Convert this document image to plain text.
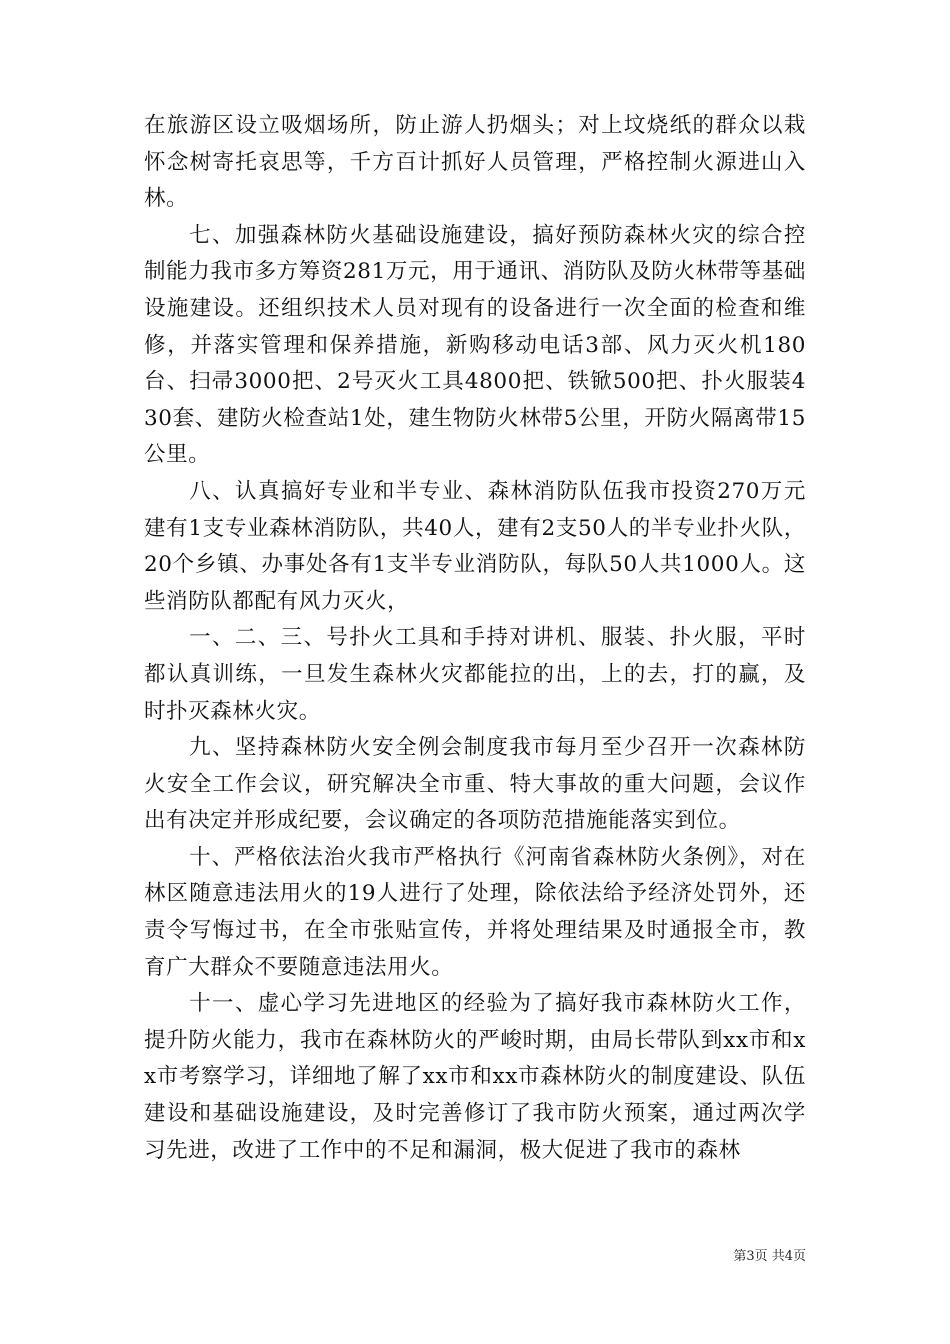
在旅游区设立吸烟场所，防止游人扔烟头；对上坟烧纸的群众以栽怀念树寄托哀思等，千方百计抓好人员管理，严格控制火源进山入林。

七、加强森林防火基础设施建设，搞好预防森林火灾的综合控制能力我市多方筹资281万元，用于通讯、消防队及防火林带等基础设施建设。还组织技术人员对现有的设备进行一次全面的检查和维修，并落实管理和保养措施，新购移动电话3部、风力灭火机180台、扫帚3000把、2号灭火工具4800把、铁锨500把、扑火服装430套、建防火检查站1处，建生物防火林带5公里，开防火隔离带15公里。

八、认真搞好专业和半专业、森林消防队伍我市投资270万元建有1支专业森林消防队，共40人，建有2支50人的半专业扑火队，20个乡镇、办事处各有1支半专业消防队，每队50人共1000人。这些消防队都配有风力灭火，

一、二、三、号扑火工具和手持对讲机、服装、扑火服，平时都认真训练，一旦发生森林火灾都能拉的出，上的去，打的赢，及时扑灭森林火灾。

九、坚持森林防火安全例会制度我市每月至少召开一次森林防火安全工作会议，研究解决全市重、特大事故的重大问题，会议作出有决定并形成纪要，会议确定的各项防范措施能落实到位。

十、严格依法治火我市严格执行《河南省森林防火条例》，对在林区随意违法用火的19人进行了处理，除依法给予经济处罚外，还责令写悔过书，在全市张贴宣传，并将处理结果及时通报全市，教育广大群众不要随意违法用火。

十一、虚心学习先进地区的经验为了搞好我市森林防火工作，提升防火能力，我市在森林防火的严峻时期，由局长带队到xx市和xx市考察学习，详细地了解了xx市和xx市森林防火的制度建设、队伍建设和基础设施建设，及时完善修订了我市防火预案，通过两次学习先进，改进了工作中的不足和漏洞，极大促进了我市的森林

第3页 共4页
